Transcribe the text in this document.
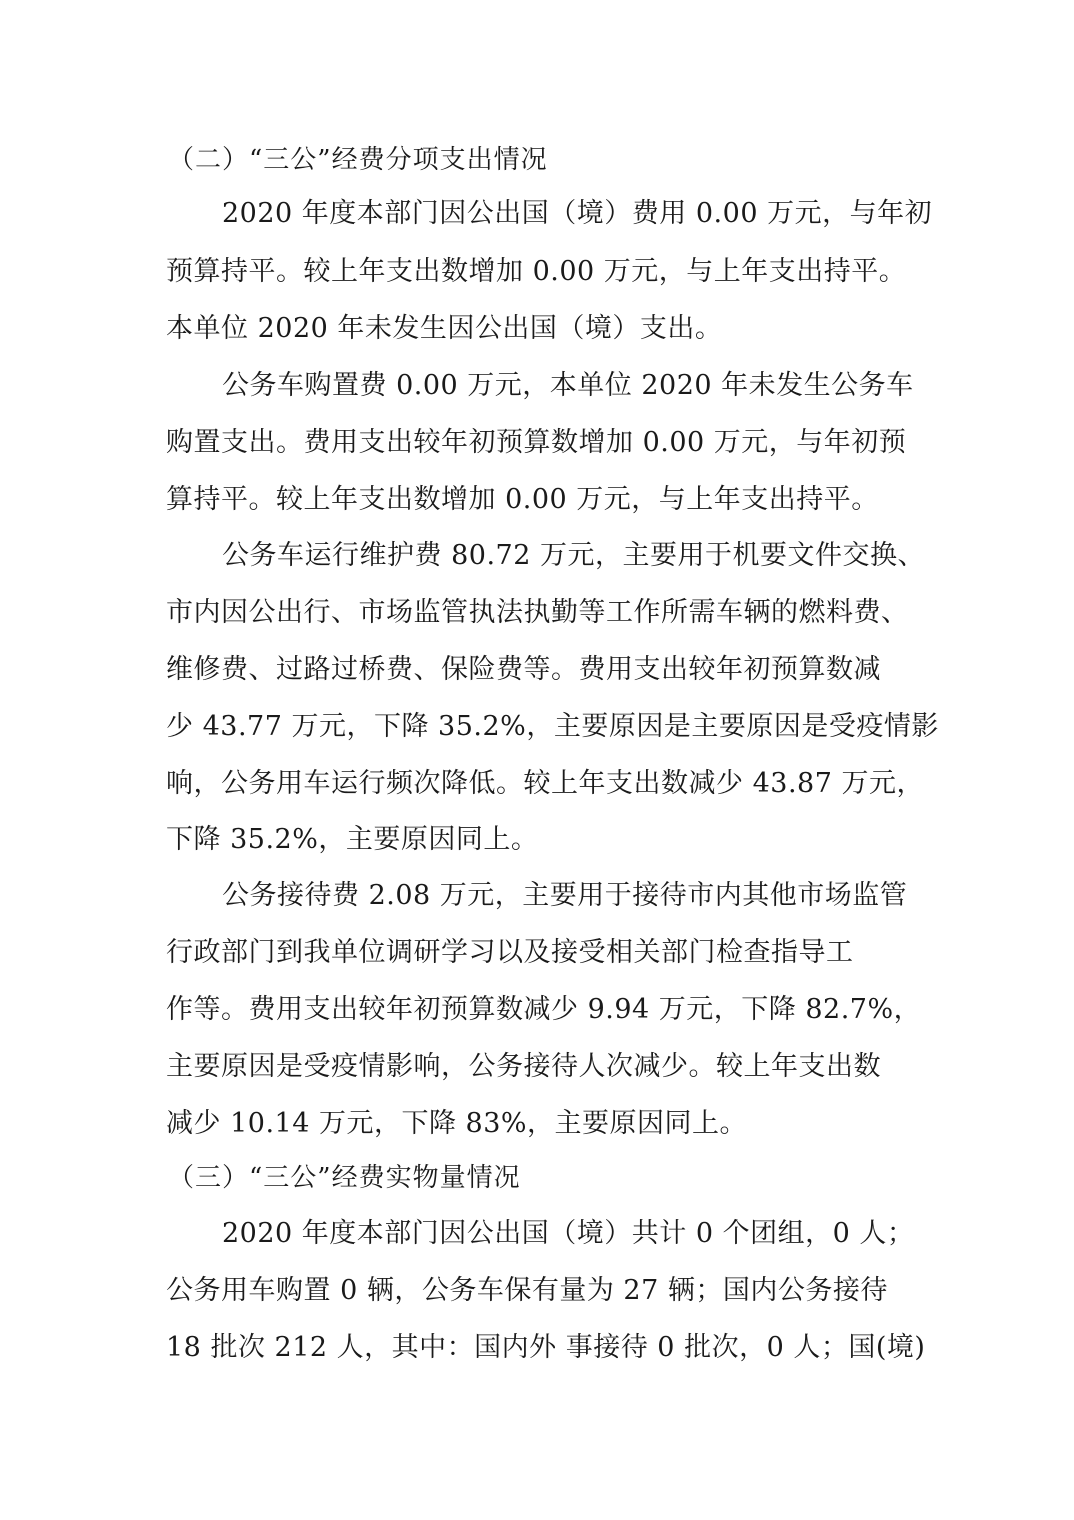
（二）“三公”经费分项支出情况
2020 年度本部门因公出国（境）费用 0.00 万元，与年初
预算持平。较上年支出数增加 0.00 万元，与上年支出持平。
本单位 2020 年未发生因公出国（境）支出。
公务车购置费 0.00 万元，本单位 2020 年未发生公务车
购置支出。费用支出较年初预算数增加 0.00 万元，与年初预
算持平。较上年支出数增加 0.00 万元，与上年支出持平。
公务车运行维护费 80.72 万元，主要用于机要文件交换、
市内因公出行、市场监管执法执勤等工作所需车辆的燃料费、
维修费、过路过桥费、保险费等。费用支出较年初预算数减
少 43.77 万元，下降 35.2%，主要原因是主要原因是受疫情影
响，公务用车运行频次降低。较上年支出数减少 43.87 万元，
下降 35.2%，主要原因同上。
公务接待费 2.08 万元，主要用于接待市内其他市场监管
行政部门到我单位调研学习以及接受相关部门检查指导工
作等。费用支出较年初预算数减少 9.94 万元，下降 82.7%，
主要原因是受疫情影响，公务接待人次减少。较上年支出数
减少 10.14 万元，下降 83%，主要原因同上。
（三）“三公”经费实物量情况
2020 年度本部门因公出国（境）共计 0 个团组，0 人；
公务用车购置 0 辆，公务车保有量为 27 辆；国内公务接待
18 批次 212 人，其中：国内外 事接待 0 批次，0 人；国(境)
